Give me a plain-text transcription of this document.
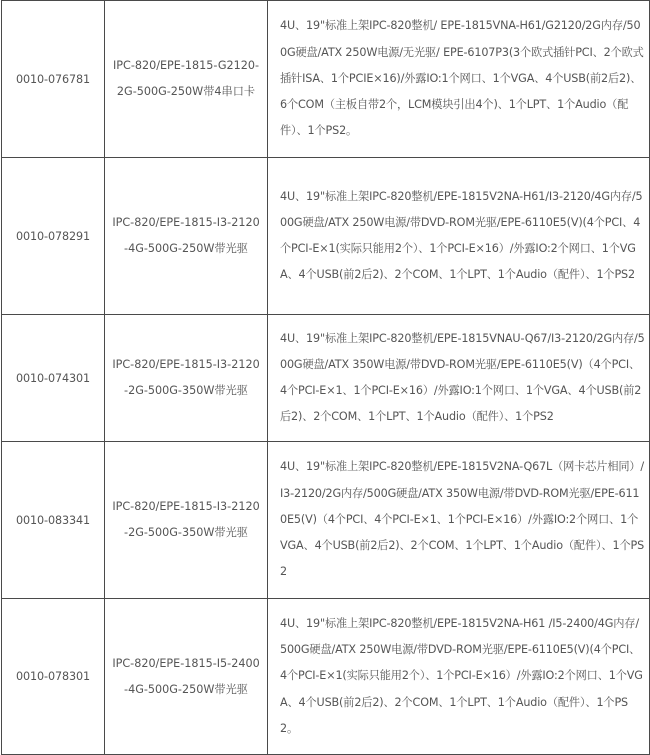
0010-076781	IPC-820/EPE-1815-G2120-2G-500G-250W带4串口卡	4U、19"标准上架IPC-820整机/ EPE-1815VNA-H61/G2120/2G内存/500G硬盘/ATX 250W电源/无光驱/ EPE-6107P3(3个欧式插针PCI、2个欧式插针ISA、1个PCIE×16)/外露IO:1个网口、1个VGA、4个USB(前2后2)、6个COM（主板自带2个，LCM模块引出4个)、1个LPT、1个Audio（配件）、1个PS2。
0010-078291	IPC-820/EPE-1815-I3-2120-4G-500G-250W带光驱	4U、19"标准上架IPC-820整机/EPE-1815V2NA-H61/I3-2120/4G内存/500G硬盘/ATX 250W电源/带DVD-ROM光驱/EPE-6110E5(V)(4个PCI、4个PCI-E×1(实际只能用2个）、1个PCI-E×16）/外露IO:2个网口、1个VGA、4个USB(前2后2)、2个COM、1个LPT、1个Audio（配件）、1个PS2
0010-074301	IPC-820/EPE-1815-I3-2120-2G-500G-350W带光驱	4U、19"标准上架IPC-820整机/EPE-1815VNAU-Q67/I3-2120/2G内存/500G硬盘/ATX 350W电源/带DVD-ROM光驱/EPE-6110E5(V)（4个PCI、4个PCI-E×1、1个PCI-E×16）/外露IO:1个网口、1个VGA、4个USB(前2后2)、2个COM、1个LPT、1个Audio（配件）、1个PS2
0010-083341	IPC-820/EPE-1815-I3-2120-2G-500G-350W带光驱	4U、19"标准上架IPC-820整机/EPE-1815V2NA-Q67L（网卡芯片相同）/I3-2120/2G内存/500G硬盘/ATX 350W电源/带DVD-ROM光驱/EPE-6110E5(V)（4个PCI、4个PCI-E×1、1个PCI-E×16）/外露IO:2个网口、1个VGA、4个USB(前2后2)、2个COM、1个LPT、1个Audio（配件）、1个PS2
0010-078301	IPC-820/EPE-1815-I5-2400-4G-500G-250W带光驱	4U、19"标准上架IPC-820整机/EPE-1815V2NA-H61 /I5-2400/4G内存/500G硬盘/ATX 250W电源/带DVD-ROM光驱/EPE-6110E5(V)(4个PCI、4个PCI-E×1(实际只能用2个）、1个PCI-E×16）/外露IO:2个网口、1个VGA、4个USB(前2后2)、2个COM、1个LPT、1个Audio（配件）、1个PS2。
